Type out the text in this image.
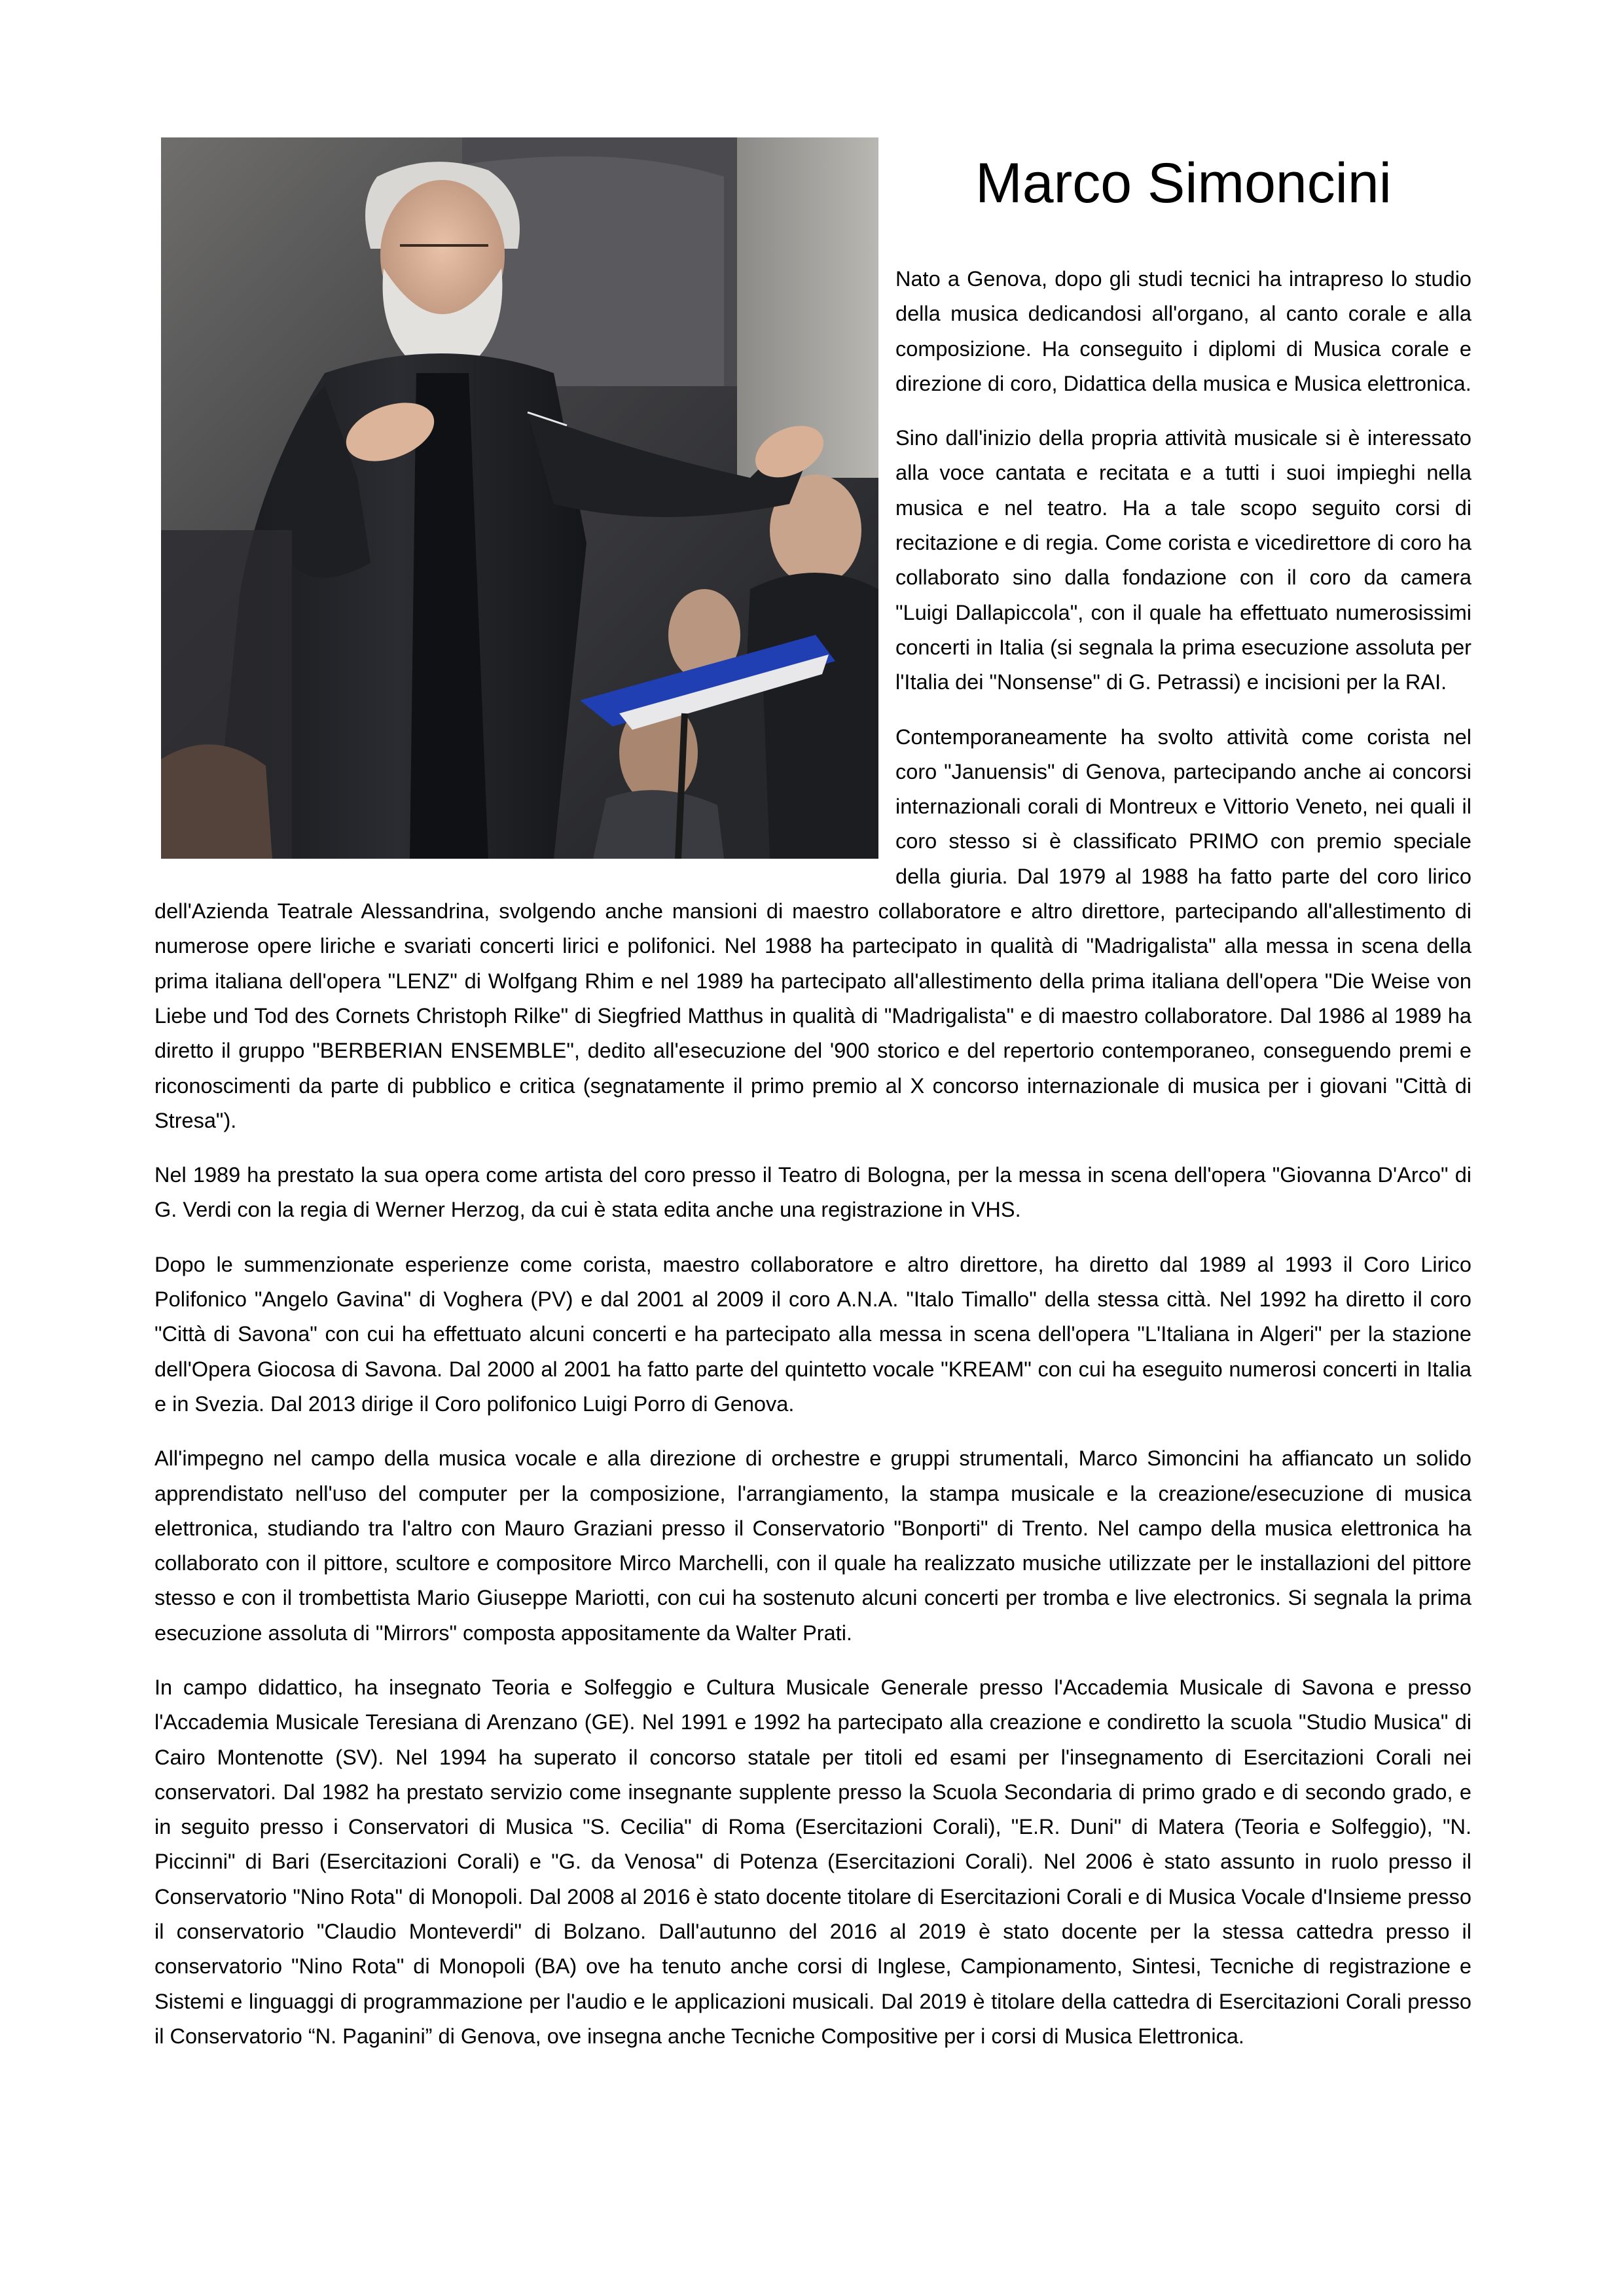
Marco Simoncini

Nato a Genova, dopo gli studi tecnici ha intrapreso lo studio della musica dedicandosi all'organo, al canto corale e alla composizione. Ha conseguito i diplomi di Musica corale e direzione di coro, Didattica della musica e Musica elettronica.

Sino dall'inizio della propria attività musicale si è interessato alla voce cantata e recitata e a tutti i suoi impieghi nella musica e nel teatro. Ha a tale scopo seguito corsi di recitazione e di regia. Come corista e vicedirettore di coro ha collaborato sino dalla fondazione con il coro da camera "Luigi Dallapiccola", con il quale ha effettuato numerosissimi concerti in Italia (si segnala la prima esecuzione assoluta per l'Italia dei "Nonsense" di G. Petrassi) e incisioni per la RAI.

Contemporaneamente ha svolto attività come corista nel coro "Januensis" di Genova, partecipando anche ai concorsi internazionali corali di Montreux e Vittorio Veneto, nei quali il coro stesso si è classificato PRIMO con premio speciale della giuria. Dal 1979 al 1988 ha fatto parte del coro lirico dell'Azienda Teatrale Alessandrina, svolgendo anche mansioni di maestro collaboratore e altro direttore, partecipando all'allestimento di numerose opere liriche e svariati concerti lirici e polifonici. Nel 1988 ha partecipato in qualità di "Madrigalista" alla messa in scena della prima italiana dell'opera "LENZ" di Wolfgang Rhim e nel 1989 ha partecipato all'allestimento della prima italiana dell'opera "Die Weise von Liebe und Tod des Cornets Christoph Rilke" di Siegfried Matthus in qualità di "Madrigalista" e di maestro collaboratore. Dal 1986 al 1989 ha diretto il gruppo "BERBERIAN ENSEMBLE", dedito all'esecuzione del '900 storico e del repertorio contemporaneo, conseguendo premi e riconoscimenti da parte di pubblico e critica (segnatamente il primo premio al X concorso internazionale di musica per i giovani "Città di Stresa").

Nel 1989 ha prestato la sua opera come artista del coro presso il Teatro di Bologna, per la messa in scena dell'opera "Giovanna D'Arco" di G. Verdi con la regia di Werner Herzog, da cui è stata edita anche una registrazione in VHS.

Dopo le summenzionate esperienze come corista, maestro collaboratore e altro direttore, ha diretto dal 1989 al 1993 il Coro Lirico Polifonico "Angelo Gavina" di Voghera (PV) e dal 2001 al 2009 il coro A.N.A. "Italo Timallo" della stessa città. Nel 1992 ha diretto il coro "Città di Savona" con cui ha effettuato alcuni concerti e ha partecipato alla messa in scena dell'opera "L'Italiana in Algeri" per la stazione dell'Opera Giocosa di Savona. Dal 2000 al 2001 ha fatto parte del quintetto vocale "KREAM" con cui ha eseguito numerosi concerti in Italia e in Svezia. Dal 2013 dirige il Coro polifonico Luigi Porro di Genova.

All'impegno nel campo della musica vocale e alla direzione di orchestre e gruppi strumentali, Marco Simoncini ha affiancato un solido apprendistato nell'uso del computer per la composizione, l'arrangiamento, la stampa musicale e la creazione/esecuzione di musica elettronica, studiando tra l'altro con Mauro Graziani presso il Conservatorio "Bonporti" di Trento. Nel campo della musica elettronica ha collaborato con il pittore, scultore e compositore Mirco Marchelli, con il quale ha realizzato musiche utilizzate per le installazioni del pittore stesso e con il trombettista Mario Giuseppe Mariotti, con cui ha sostenuto alcuni concerti per tromba e live electronics. Si segnala la prima esecuzione assoluta di "Mirrors" composta appositamente da Walter Prati.

In campo didattico, ha insegnato Teoria e Solfeggio e Cultura Musicale Generale presso l'Accademia Musicale di Savona e presso l'Accademia Musicale Teresiana di Arenzano (GE). Nel 1991 e 1992 ha partecipato alla creazione e condiretto la scuola "Studio Musica" di Cairo Montenotte (SV). Nel 1994 ha superato il concorso statale per titoli ed esami per l'insegnamento di Esercitazioni Corali nei conservatori. Dal 1982 ha prestato servizio come insegnante supplente presso la Scuola Secondaria di primo grado e di secondo grado, e in seguito presso i Conservatori di Musica "S. Cecilia" di Roma (Esercitazioni Corali), "E.R. Duni" di Matera (Teoria e Solfeggio), "N. Piccinni" di Bari (Esercitazioni Corali) e "G. da Venosa" di Potenza (Esercitazioni Corali). Nel 2006 è stato assunto in ruolo presso il Conservatorio "Nino Rota" di Monopoli. Dal 2008 al 2016 è stato docente titolare di Esercitazioni Corali e di Musica Vocale d'Insieme presso il conservatorio "Claudio Monteverdi" di Bolzano. Dall'autunno del 2016 al 2019 è stato docente per la stessa cattedra presso il conservatorio "Nino Rota" di Monopoli (BA) ove ha tenuto anche corsi di Inglese, Campionamento, Sintesi, Tecniche di registrazione e Sistemi e linguaggi di programmazione per l'audio e le applicazioni musicali. Dal 2019 è titolare della cattedra di Esercitazioni Corali presso il Conservatorio “N. Paganini” di Genova, ove insegna anche Tecniche Compositive per i corsi di Musica Elettronica.
